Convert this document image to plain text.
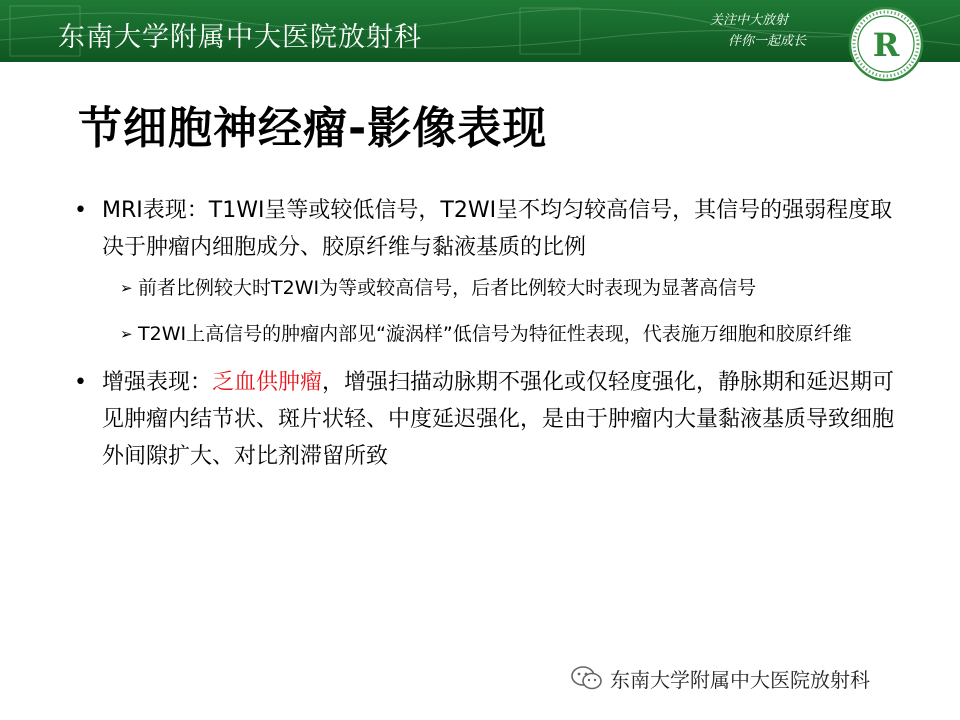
东南大学附属中大医院放射科
关注中大放射
伴你一起成长 R
节细胞神经瘤-影像表现
• MRI表现：T1WI呈等或较低信号，T2WI呈不均匀较高信号，其信号的强弱程度取决于肿瘤内细胞成分、胶原纤维与黏液基质的比例
➢ 前者比例较大时T2WI为等或较高信号，后者比例较大时表现为显著高信号
➢ T2WI上高信号的肿瘤内部见“漩涡样”低信号为特征性表现，代表施万细胞和胶原纤维
• 增强表现：乏血供肿瘤，增强扫描动脉期不强化或仅轻度强化，静脉期和延迟期可见肿瘤内结节状、斑片状轻、中度延迟强化，是由于肿瘤内大量黏液基质导致细胞外间隙扩大、对比剂滞留所致
东南大学附属中大医院放射科
